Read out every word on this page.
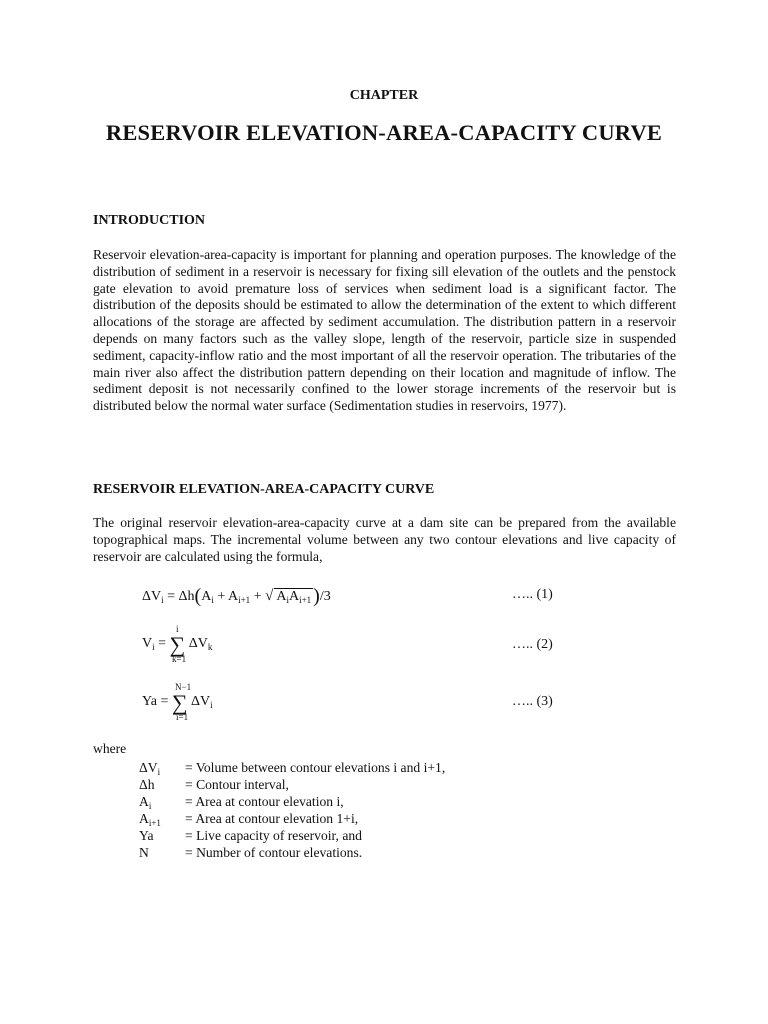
CHAPTER
RESERVOIR ELEVATION-AREA-CAPACITY CURVE
INTRODUCTION
Reservoir elevation-area-capacity is important for planning and operation purposes. The knowledge of the distribution of sediment in a reservoir is necessary for fixing sill elevation of the outlets and the penstock gate elevation to avoid premature loss of services when sediment load is a significant factor. The distribution of the deposits should be estimated to allow the determination of the extent to which different allocations of the storage are affected by sediment accumulation. The distribution pattern in a reservoir depends on many factors such as the valley slope, length of the reservoir, particle size in suspended sediment, capacity-inflow ratio and the most important of all the reservoir operation. The tributaries of the main river also affect the distribution pattern depending on their location and magnitude of inflow. The sediment deposit is not necessarily confined to the lower storage increments of the reservoir but is distributed below the normal water surface (Sedimentation studies in reservoirs, 1977).
RESERVOIR ELEVATION-AREA-CAPACITY CURVE
The original reservoir elevation-area-capacity curve at a dam site can be prepared from the available topographical maps. The incremental volume between any two contour elevations and live capacity of reservoir are calculated using the formula,
$\Delta V_i = \Delta h(A_i + A_{i+1}$ + √ $A_iA_{i+1}$ )/3	….. (1)
$V_i$ = ∑ $\Delta V_k$
i
k=1
….. (2)
Ya = ∑ $\Delta V_i$
N−1
i=1
….. (3)
where
$\Delta V_i$ = Volume between contour elevations i and i+1,
Δh = Contour interval,
$A_i$ = Area at contour elevation i,
$A_{i+1}$ = Area at contour elevation 1+i,
Ya = Live capacity of reservoir, and
N	= Number of contour elevations.
